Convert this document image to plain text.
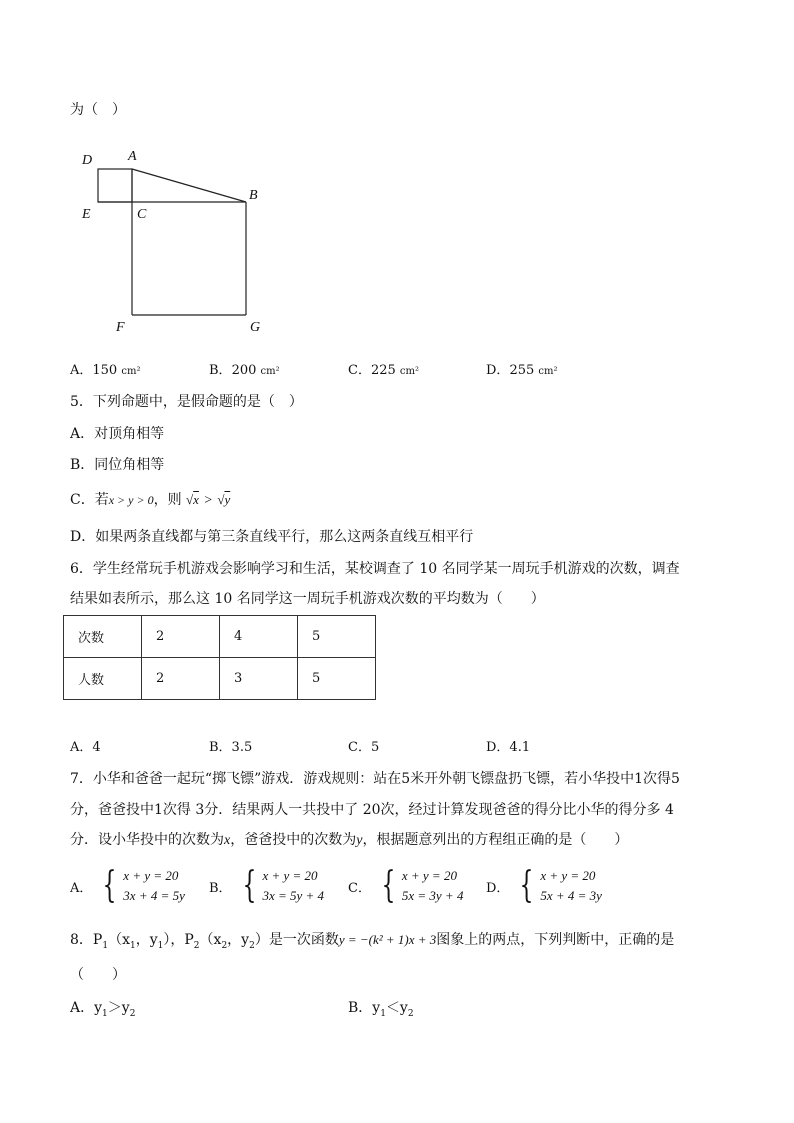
为（　）
D	A
B
E	C
F	G
A．150 cm²	B．200 cm²	C．225 cm²	D．255 cm²
5．下列命题中，是假命题的是（　）
A．对顶角相等
B．同位角相等
C．若x > y > 0，则 √x > √y
D．如果两条直线都与第三条直线平行，那么这两条直线互相平行
6．学生经常玩手机游戏会影响学习和生活，某校调查了 10 名同学某一周玩手机游戏的次数，调查
结果如表所示，那么这 10 名同学这一周玩手机游戏次数的平均数为（　　）
次数	2	4	5
人数	2	3	5
A．4	B．3.5	C．5	D．4.1
7．小华和爸爸一起玩“掷飞镖”游戏．游戏规则：站在5米开外朝飞镖盘扔飞镖，若小华投中1次得5
分，爸爸投中1次得 3分．结果两人一共投中了 20次，经过计算发现爸爸的得分比小华的得分多 4
分．设小华投中的次数为x，爸爸投中的次数为y，根据题意列出的方程组正确的是（　　）
A． { x + y = 20
3x + 4 = 5y B． { x + y = 20
3x = 5y + 4 C． { x + y = 20
5x = 3y + 4 D． { x + y = 20
5x + 4 = 3y
8．$P_1(x_1$，$y_1$），$P_2(x_2$，$y_2$）是一次函数y = −(k² + 1)x + 3图象上的两点，下列判断中，正确的是
（　　）
A．$y_1>y_2$	B．$y_1<y_2$
